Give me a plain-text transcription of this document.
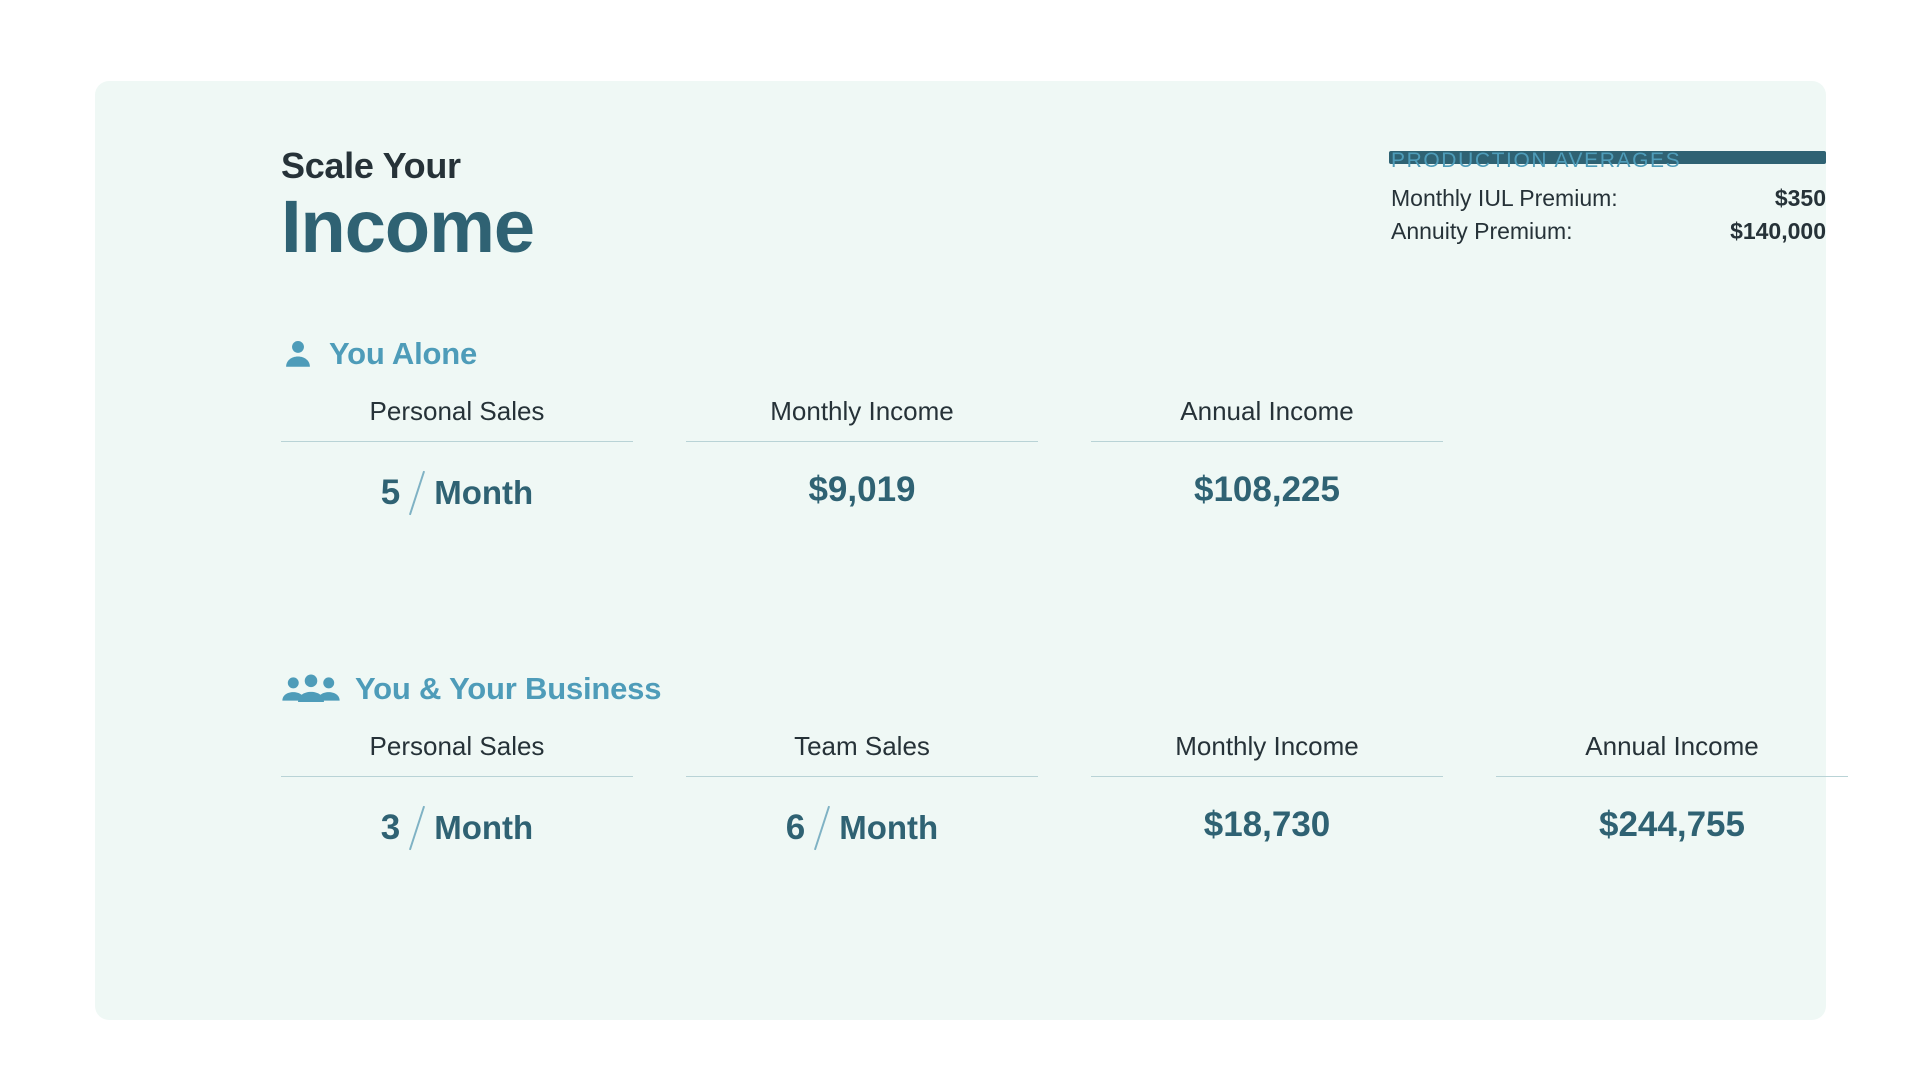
Scale Your
Income
PRODUCTION AVERAGES
Monthly IUL Premium:	$350
Annuity Premium:	$140,000
You Alone
Personal Sales
5 Month
Monthly Income
$9,019
Annual Income
$108,225
You & Your Business
Personal Sales
3 Month
Team Sales
6 Month
Monthly Income
$18,730
Annual Income
$244,755
